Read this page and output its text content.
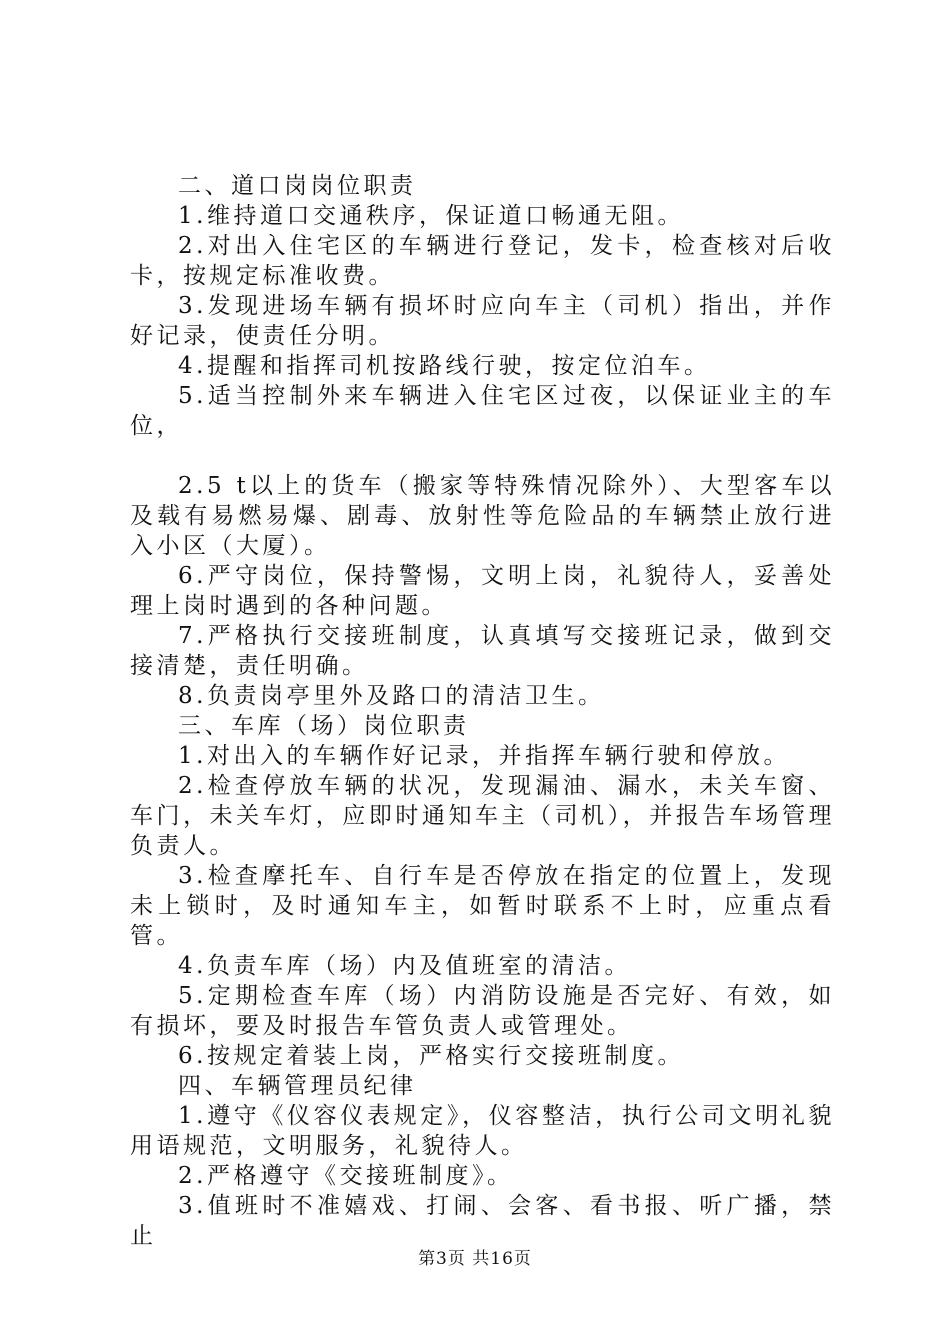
二、道口岗岗位职责

1.维持道口交通秩序，保证道口畅通无阻。

2.对出入住宅区的车辆进行登记，发卡，检查核对后收卡，按规定标准收费。

3.发现进场车辆有损坏时应向车主（司机）指出，并作好记录，使责任分明。

4.提醒和指挥司机按路线行驶，按定位泊车。

5.适当控制外来车辆进入住宅区过夜，以保证业主的车位，

2.5 t以上的货车（搬家等特殊情况除外）、大型客车以及载有易燃易爆、剧毒、放射性等危险品的车辆禁止放行进入小区（大厦）。

6.严守岗位，保持警惕，文明上岗，礼貌待人，妥善处理上岗时遇到的各种问题。

7.严格执行交接班制度，认真填写交接班记录，做到交接清楚，责任明确。

8.负责岗亭里外及路口的清洁卫生。

三、车库（场）岗位职责

1.对出入的车辆作好记录，并指挥车辆行驶和停放。

2.检查停放车辆的状况，发现漏油、漏水，未关车窗、车门，未关车灯，应即时通知车主（司机），并报告车场管理负责人。

3.检查摩托车、自行车是否停放在指定的位置上，发现未上锁时，及时通知车主，如暂时联系不上时，应重点看管。

4.负责车库（场）内及值班室的清洁。

5.定期检查车库（场）内消防设施是否完好、有效，如有损坏，要及时报告车管负责人或管理处。

6.按规定着装上岗，严格实行交接班制度。

四、车辆管理员纪律

1.遵守《仪容仪表规定》，仪容整洁，执行公司文明礼貌用语规范，文明服务，礼貌待人。

2.严格遵守《交接班制度》。

3.值班时不准嬉戏、打闹、会客、看书报、听广播，禁止

第3页 共16页
